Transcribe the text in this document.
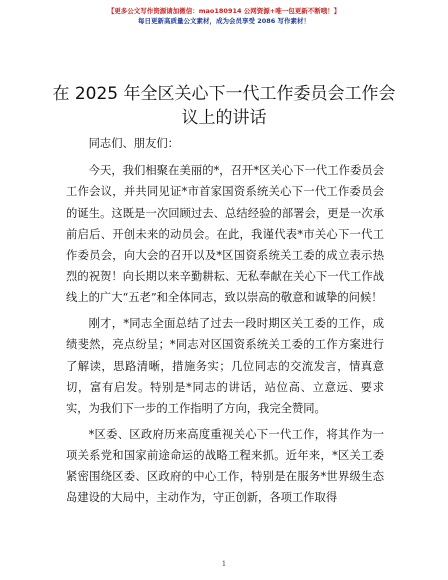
【更多公文写作资源请加微信：mao180914 公网资源+唯一包更新不断哦！】
每日更新高质量公文素材，成为会员享受 2086 写作素材！
在 2025 年全区关心下一代工作委员会工作会议上的讲话

同志们、朋友们：

今天，我们相聚在美丽的*，召开*区关心下一代工作委员会工作会议，并共同见证*市首家国资系统关心下一代工作委员会的诞生。这既是一次回顾过去、总结经验的部署会，更是一次承前启后、开创未来的动员会。在此，我谨代表*市关心下一代工作委员会，向大会的召开以及*区国资系统关工委的成立表示热烈的祝贺！向长期以来辛勤耕耘、无私奉献在关心下一代工作战线上的广大“五老”和全体同志，致以崇高的敬意和诚挚的问候！

刚才，*同志全面总结了过去一段时期区关工委的工作，成绩斐然，亮点纷呈；*同志对区国资系统关工委的工作方案进行了解读，思路清晰，措施务实；几位同志的交流发言，情真意切，富有启发。特别是*同志的讲话，站位高、立意远、要求实，为我们下一步的工作指明了方向，我完全赞同。

*区委、区政府历来高度重视关心下一代工作，将其作为一项关系党和国家前途命运的战略工程来抓。近年来，*区关工委紧密围绕区委、区政府的中心工作，特别是在服务*世界级生态岛建设的大局中，主动作为，守正创新，各项工作取得

1
